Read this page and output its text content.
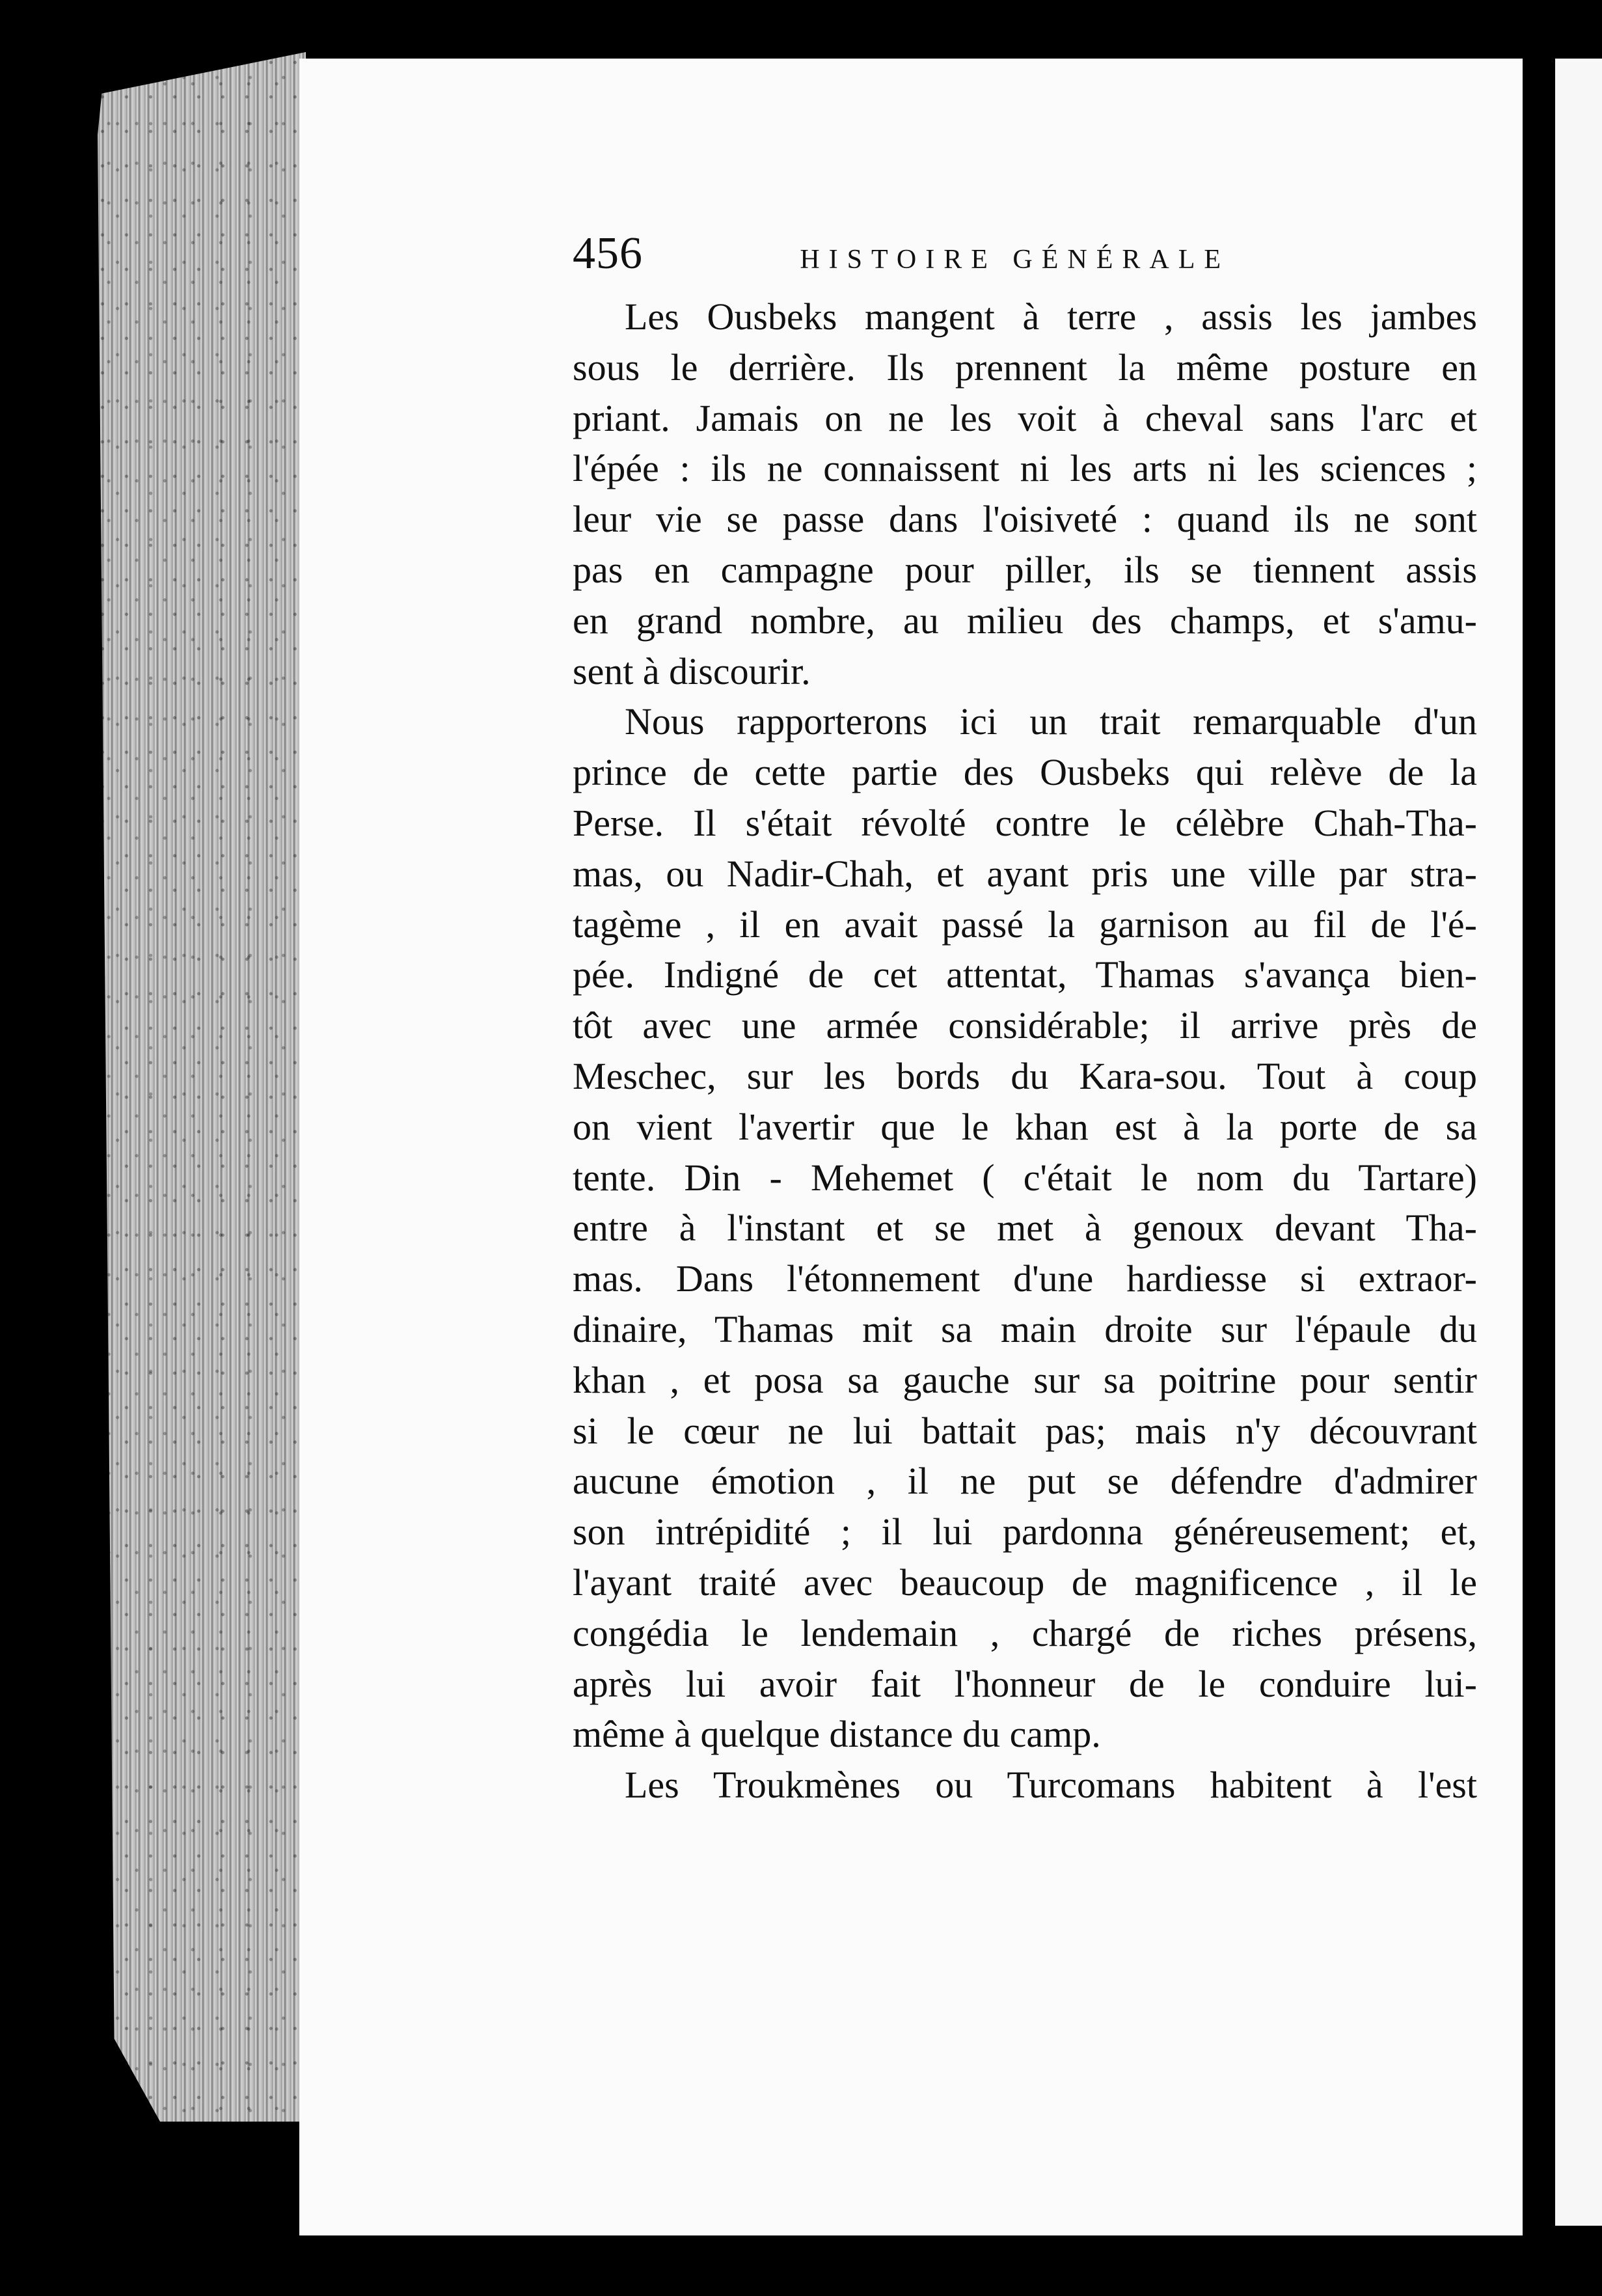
456	HISTOIRE GÉNÉRALE

Les Ousbeks mangent à terre , assis les jambes
sous le derrière. Ils prennent la même posture en
priant. Jamais on ne les voit à cheval sans l'arc et
l'épée : ils ne connaissent ni les arts ni les sciences ;
leur vie se passe dans l'oisiveté : quand ils ne sont
pas en campagne pour piller, ils se tiennent assis
en grand nombre, au milieu des champs, et s'amu-
sent à discourir.

Nous rapporterons ici un trait remarquable d'un
prince de cette partie des Ousbeks qui relève de la
Perse. Il s'était révolté contre le célèbre Chah-Tha-
mas, ou Nadir-Chah, et ayant pris une ville par stra-
tagème , il en avait passé la garnison au fil de l'é-
pée. Indigné de cet attentat, Thamas s'avança bien-
tôt avec une armée considérable; il arrive près de
Meschec, sur les bords du Kara-sou. Tout à coup
on vient l'avertir que le khan est à la porte de sa
tente. Din - Mehemet ( c'était le nom du Tartare)
entre à l'instant et se met à genoux devant Tha-
mas. Dans l'étonnement d'une hardiesse si extraor-
dinaire, Thamas mit sa main droite sur l'épaule du
khan , et posa sa gauche sur sa poitrine pour sentir
si le cœur ne lui battait pas; mais n'y découvrant
aucune émotion , il ne put se défendre d'admirer
son intrépidité ; il lui pardonna généreusement; et,
l'ayant traité avec beaucoup de magnificence , il le
congédia le lendemain , chargé de riches présens,
après lui avoir fait l'honneur de le conduire lui-
même à quelque distance du camp.

Les Troukmènes ou Turcomans habitent à l'est
